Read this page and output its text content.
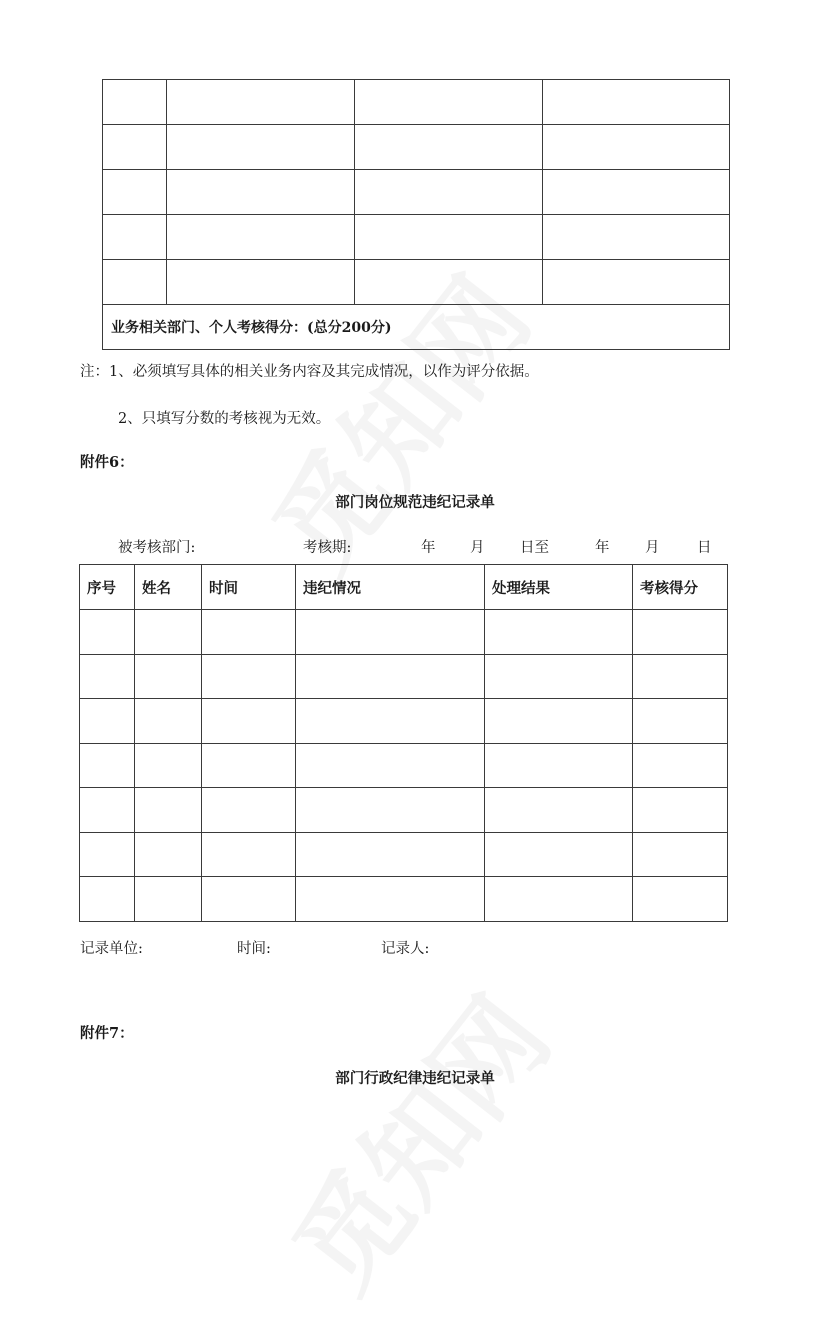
业务相关部门、个人考核得分：(总分200分)			
注：1、必须填写具体的相关业务内容及其完成情况，以作为评分依据。
2、只填写分数的考核视为无效。
附件6：
部门岗位规范违纪记录单
被考核部门:	考核期:	年 月 日至	年 月	日
序号	姓名	时间	违纪情况	处理结果	考核得分

记录单位:	时间:	记录人:
附件7：
部门行政纪律违纪记录单
